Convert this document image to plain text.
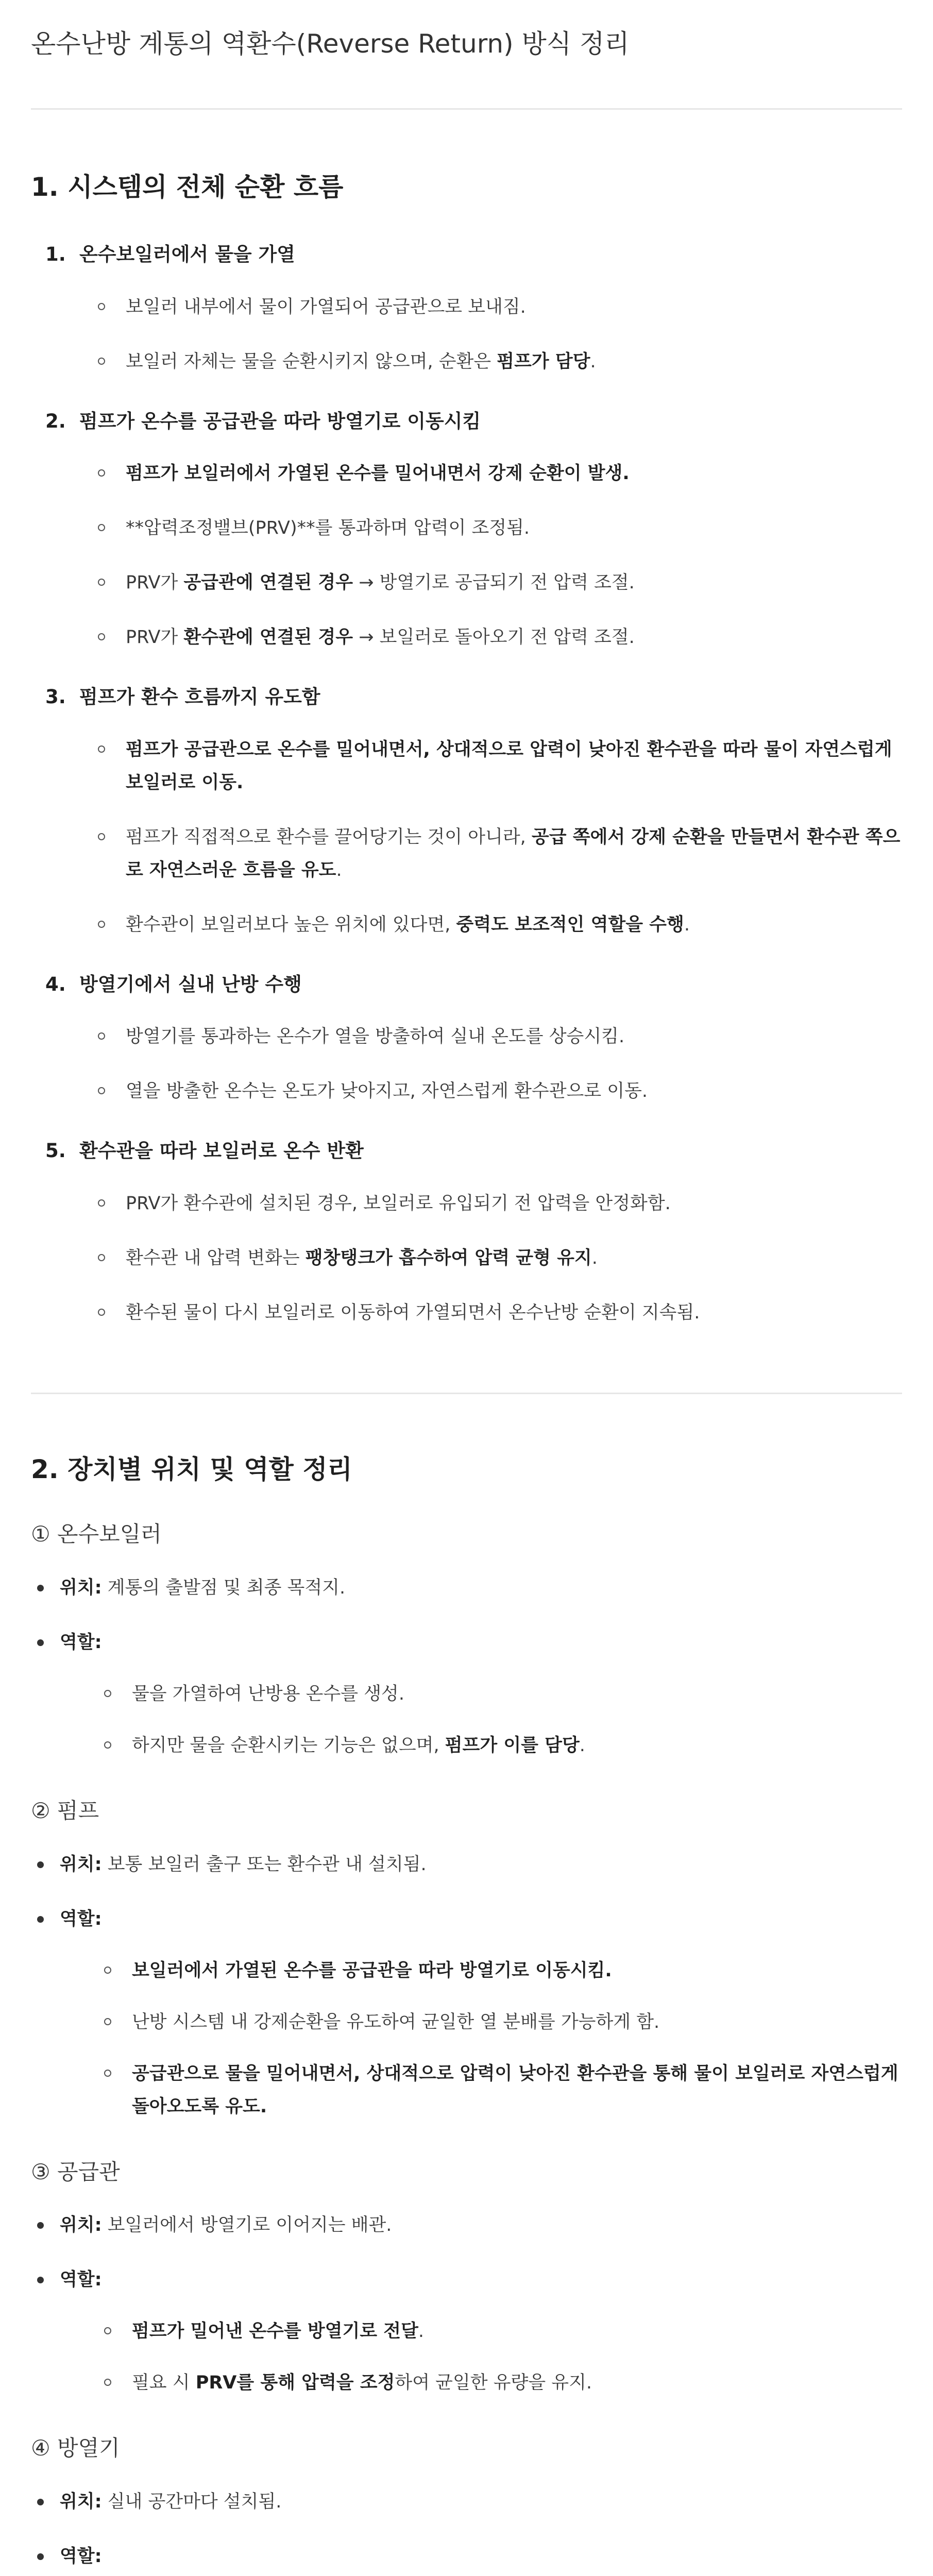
온수난방 계통의 역환수(Reverse Return) 방식 정리
1. 시스템의 전체 순환 흐름
1. 온수보일러에서 물을 가열
보일러 내부에서 물이 가열되어 공급관으로 보내짐.
보일러 자체는 물을 순환시키지 않으며, 순환은 펌프가 담당.
2. 펌프가 온수를 공급관을 따라 방열기로 이동시킴
펌프가 보일러에서 가열된 온수를 밀어내면서 강제 순환이 발생.
**압력조정밸브(PRV)**를 통과하며 압력이 조정됨.
PRV가 공급관에 연결된 경우 → 방열기로 공급되기 전 압력 조절.
PRV가 환수관에 연결된 경우 → 보일러로 돌아오기 전 압력 조절.
3. 펌프가 환수 흐름까지 유도함
펌프가 공급관으로 온수를 밀어내면서, 상대적으로 압력이 낮아진 환수관을 따라 물이 자연스럽게 보일러로 이동.
펌프가 직접적으로 환수를 끌어당기는 것이 아니라, 공급 쪽에서 강제 순환을 만들면서 환수관 쪽으로 자연스러운 흐름을 유도.
환수관이 보일러보다 높은 위치에 있다면, 중력도 보조적인 역할을 수행.
4. 방열기에서 실내 난방 수행
방열기를 통과하는 온수가 열을 방출하여 실내 온도를 상승시킴.
열을 방출한 온수는 온도가 낮아지고, 자연스럽게 환수관으로 이동.
5. 환수관을 따라 보일러로 온수 반환
PRV가 환수관에 설치된 경우, 보일러로 유입되기 전 압력을 안정화함.
환수관 내 압력 변화는 팽창탱크가 흡수하여 압력 균형 유지.
환수된 물이 다시 보일러로 이동하여 가열되면서 온수난방 순환이 지속됨.
2. 장치별 위치 및 역할 정리
① 온수보일러
위치: 계통의 출발점 및 최종 목적지.
역할:
물을 가열하여 난방용 온수를 생성.
하지만 물을 순환시키는 기능은 없으며, 펌프가 이를 담당.
② 펌프
위치: 보통 보일러 출구 또는 환수관 내 설치됨.
역할:
보일러에서 가열된 온수를 공급관을 따라 방열기로 이동시킴.
난방 시스템 내 강제순환을 유도하여 균일한 열 분배를 가능하게 함.
공급관으로 물을 밀어내면서, 상대적으로 압력이 낮아진 환수관을 통해 물이 보일러로 자연스럽게 돌아오도록 유도.
③ 공급관
위치: 보일러에서 방열기로 이어지는 배관.
역할:
펌프가 밀어낸 온수를 방열기로 전달.
필요 시 PRV를 통해 압력을 조정하여 균일한 유량을 유지.
④ 방열기
위치: 실내 공간마다 설치됨.
역할:
